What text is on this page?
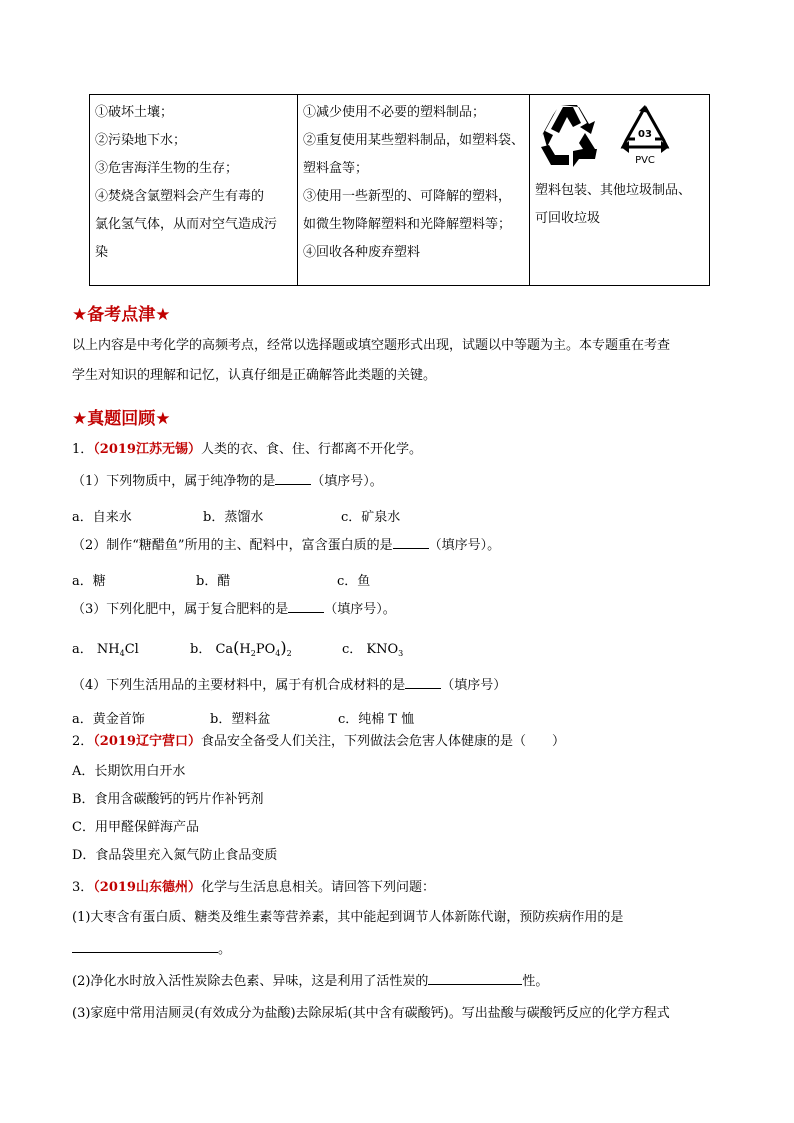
①破坏土壤；
②污染地下水；
③危害海洋生物的生存；
④焚烧含氯塑料会产生有毒的
氯化氢气体，从而对空气造成污
染

①减少使用不必要的塑料制品；
②重复使用某些塑料制品，如塑料袋、
塑料盒等；
③使用一些新型的、可降解的塑料，
如微生物降解塑料和光降解塑料等；
④回收各种废弃塑料

03
PVC
塑料包装、其他垃圾制品、
可回收垃圾
★备考点津★
以上内容是中考化学的高频考点，经常以选择题或填空题形式出现，试题以中等题为主。本专题重在考查
学生对知识的理解和记忆，认真仔细是正确解答此类题的关键。
★真题回顾★
1．（2019江苏无锡）人类的衣、食、住、行都离不开化学。
（1）下列物质中，属于纯净物的是	（填序号）。
a．自来水	b．蒸馏水	c．矿泉水
（2）制作“糖醋鱼”所用的主、配料中，富含蛋白质的是	（填序号）。
a．糖	b．醋	c．鱼
（3）下列化肥中，属于复合肥料的是	（填序号）。
a． $NH_4Cl$	b． $Ca(H_2PO_4)_2$	c． $KNO_3$
（4）下列生活用品的主要材料中，属于有机合成材料的是	（填序号）
a．黄金首饰	b．塑料盆	c．纯棉 T 恤
2．（2019辽宁营口）食品安全备受人们关注，下列做法会危害人体健康的是（　　）
A．长期饮用白开水
B．食用含碳酸钙的钙片作补钙剂
C．用甲醛保鲜海产品
D．食品袋里充入氮气防止食品变质
3．（2019山东德州）化学与生活息息相关。请回答下列问题：
(1)大枣含有蛋白质、糖类及维生素等营养素，其中能起到调节人体新陈代谢，预防疾病作用的是
。
(2)净化水时放入活性炭除去色素、异味，这是利用了活性炭的	性。
(3)家庭中常用洁厕灵(有效成分为盐酸)去除尿垢(其中含有碳酸钙)。写出盐酸与碳酸钙反应的化学方程式
